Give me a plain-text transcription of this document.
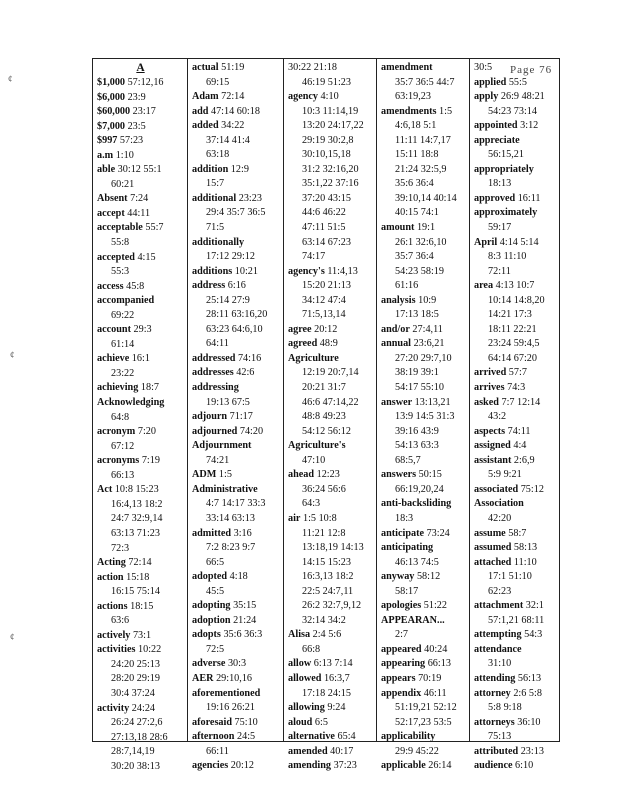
Page 76
¢
¢
¢
A
$1,000 57:12,16
$6,000 23:9
$60,000 23:17
$7,000 23:5
$997 57:23
a.m 1:10
able 30:12 55:1
60:21
Absent 7:24
accept 44:11
acceptable 55:7
55:8
accepted 4:15
55:3
access 45:8
accompanied
69:22
account 29:3
61:14
achieve 16:1
23:22
achieving 18:7
Acknowledging
64:8
acronym 7:20
67:12
acronyms 7:19
66:13
Act 10:8 15:23
16:4,13 18:2
24:7 32:9,14
63:13 71:23
72:3
Acting 72:14
action 15:18
16:15 75:14
actions 18:15
63:6
actively 73:1
activities 10:22
24:20 25:13
28:20 29:19
30:4 37:24
activity 24:24
26:24 27:2,6
27:13,18 28:6
28:7,14,19
30:20 38:13
actual 51:19
69:15
Adam 72:14
add 47:14 60:18
added 34:22
37:14 41:4
63:18
addition 12:9
15:7
additional 23:23
29:4 35:7 36:5
71:5
additionally
17:12 29:12
additions 10:21
address 6:16
25:14 27:9
28:11 63:16,20
63:23 64:6,10
64:11
addressed 74:16
addresses 42:6
addressing
19:13 67:5
adjourn 71:17
adjourned 74:20
Adjournment
74:21
ADM 1:5
Administrative
4:7 14:17 33:3
33:14 63:13
admitted 3:16
7:2 8:23 9:7
66:5
adopted 4:18
45:5
adopting 35:15
adoption 21:24
adopts 35:6 36:3
72:5
adverse 30:3
AER 29:10,16
aforementioned
19:16 26:21
aforesaid 75:10
afternoon 24:5
66:11
agencies 20:12
30:22 21:18
46:19 51:23
agency 4:10
10:3 11:14,19
13:20 24:17,22
29:19 30:2,8
30:10,15,18
31:2 32:16,20
35:1,22 37:16
37:20 43:15
44:6 46:22
47:11 51:5
63:14 67:23
74:17
agency's 11:4,13
15:20 21:13
34:12 47:4
71:5,13,14
agree 20:12
agreed 48:9
Agriculture
12:19 20:7,14
20:21 31:7
46:6 47:14,22
48:8 49:23
54:12 56:12
Agriculture's
47:10
ahead 12:23
36:24 56:6
64:3
air 1:5 10:8
11:21 12:8
13:18,19 14:13
14:15 15:23
16:3,13 18:2
22:5 24:7,11
26:2 32:7,9,12
32:14 34:2
Alisa 2:4 5:6
66:8
allow 6:13 7:14
allowed 16:3,7
17:18 24:15
allowing 9:24
aloud 6:5
alternative 65:4
amended 40:17
amending 37:23
amendment
35:7 36:5 44:7
63:19,23
amendments 1:5
4:6,18 5:1
11:11 14:7,17
15:11 18:8
21:24 32:5,9
35:6 36:4
39:10,14 40:14
40:15 74:1
amount 19:1
26:1 32:6,10
35:7 36:4
54:23 58:19
61:16
analysis 10:9
17:13 18:5
and/or 27:4,11
annual 23:6,21
27:20 29:7,10
38:19 39:1
54:17 55:10
answer 13:13,21
13:9 14:5 31:3
39:16 43:9
54:13 63:3
68:5,7
answers 50:15
66:19,20,24
anti-backsliding
18:3
anticipate 73:24
anticipating
46:13 74:5
anyway 58:12
58:17
apologies 51:22
APPEARAN...
2:7
appeared 40:24
appearing 66:13
appears 70:19
appendix 46:11
51:19,21 52:12
52:17,23 53:5
applicability
29:9 45:22
applicable 26:14
30:5
applied 55:5
apply 26:9 48:21
54:23 73:14
appointed 3:12
appreciate
56:15,21
appropriately
18:13
approved 16:11
approximately
59:17
April 4:14 5:14
8:3 11:10
72:11
area 4:13 10:7
10:14 14:8,20
14:21 17:3
18:11 22:21
23:24 59:4,5
64:14 67:20
arrived 57:7
arrives 74:3
asked 7:7 12:14
43:2
aspects 74:11
assigned 4:4
assistant 2:6,9
5:9 9:21
associated 75:12
Association
42:20
assume 58:7
assumed 58:13
attached 11:10
17:1 51:10
62:23
attachment 32:1
57:1,21 68:11
attempting 54:3
attendance
31:10
attending 56:13
attorney 2:6 5:8
5:8 9:18
attorneys 36:10
75:13
attributed 23:13
audience 6:10
